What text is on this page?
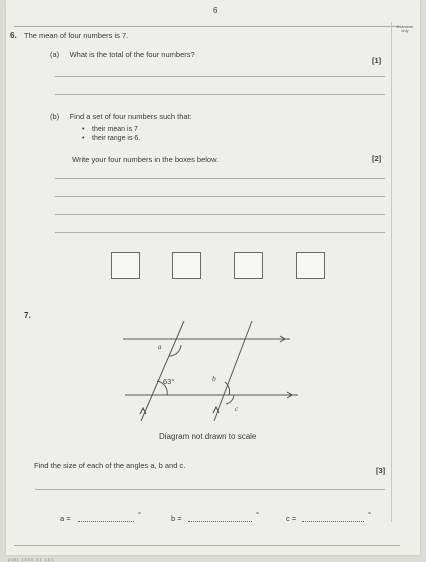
6
Examiner only
6. The mean of four numbers is 7.
(a) What is the total of the four numbers?
[1]
(b) Find a set of four numbers such that:
• their mean is 7
• their range is 6.
Write your four numbers in the boxes below.	[2]
7.
a
63°	b
c
Diagram not drawn to scale
Find the size of each of the angles a, b and c.
[3]
a =	°	b =	°	c =	°
(08) 1800 01 101
